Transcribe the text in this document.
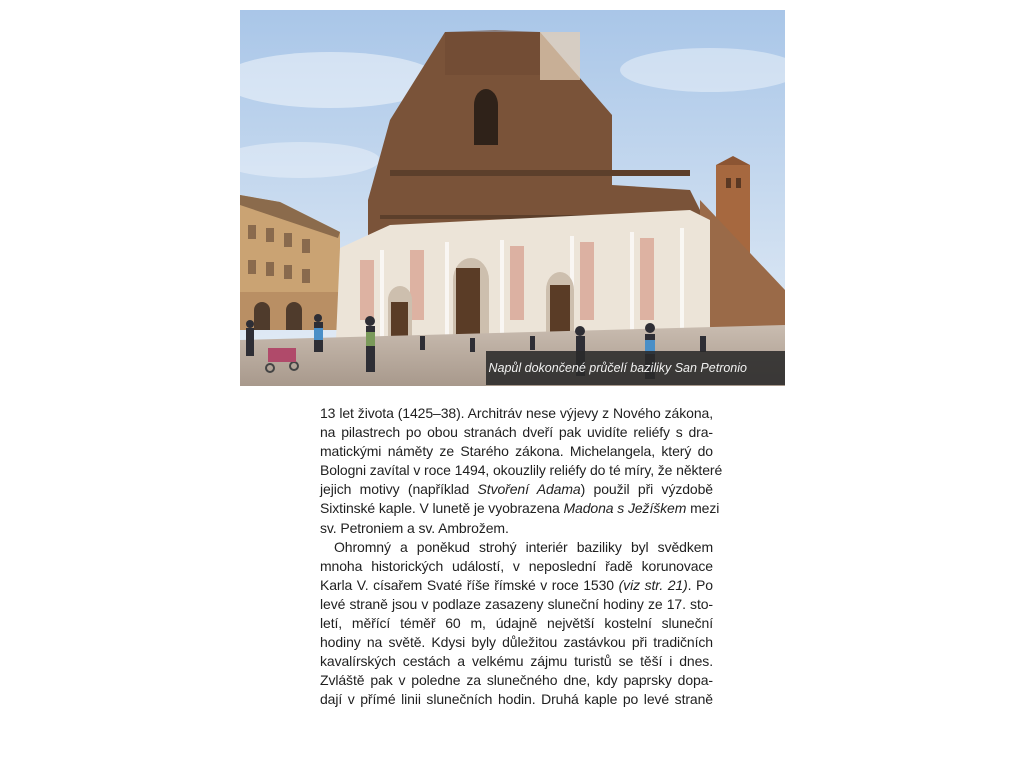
Napůl dokončené průčelí baziliky San Petronio
13 let života (1425–38). Architráv nese výjevy z Nového zákona,
na pilastrech po obou stranách dveří pak uvidíte reliéfy s dra-
matickými náměty ze Starého zákona. Michelangela, který do
Bologni zavítal v roce 1494, okouzlily reliéfy do té míry, že některé
jejich motivy (například Stvoření Adama) použil při výzdobě
Sixtinské kaple. V lunetě je vyobrazena Madona s Ježíškem mezi
sv. Petroniem a sv. Ambrožem.
Ohromný a poněkud strohý interiér baziliky byl svědkem
mnoha historických událostí, v neposlední řadě korunovace
Karla V. císařem Svaté říše římské v roce 1530 (viz str. 21). Po
levé straně jsou v podlaze zasazeny sluneční hodiny ze 17. sto-
letí, měřící téměř 60 m, údajně největší kostelní sluneční
hodiny na světě. Kdysi byly důležitou zastávkou při tradičních
kavalírských cestách a velkému zájmu turistů se těší i dnes.
Zvláště pak v poledne za slunečného dne, kdy paprsky dopa-
dají v přímé linii slunečních hodin. Druhá kaple po levé straně
